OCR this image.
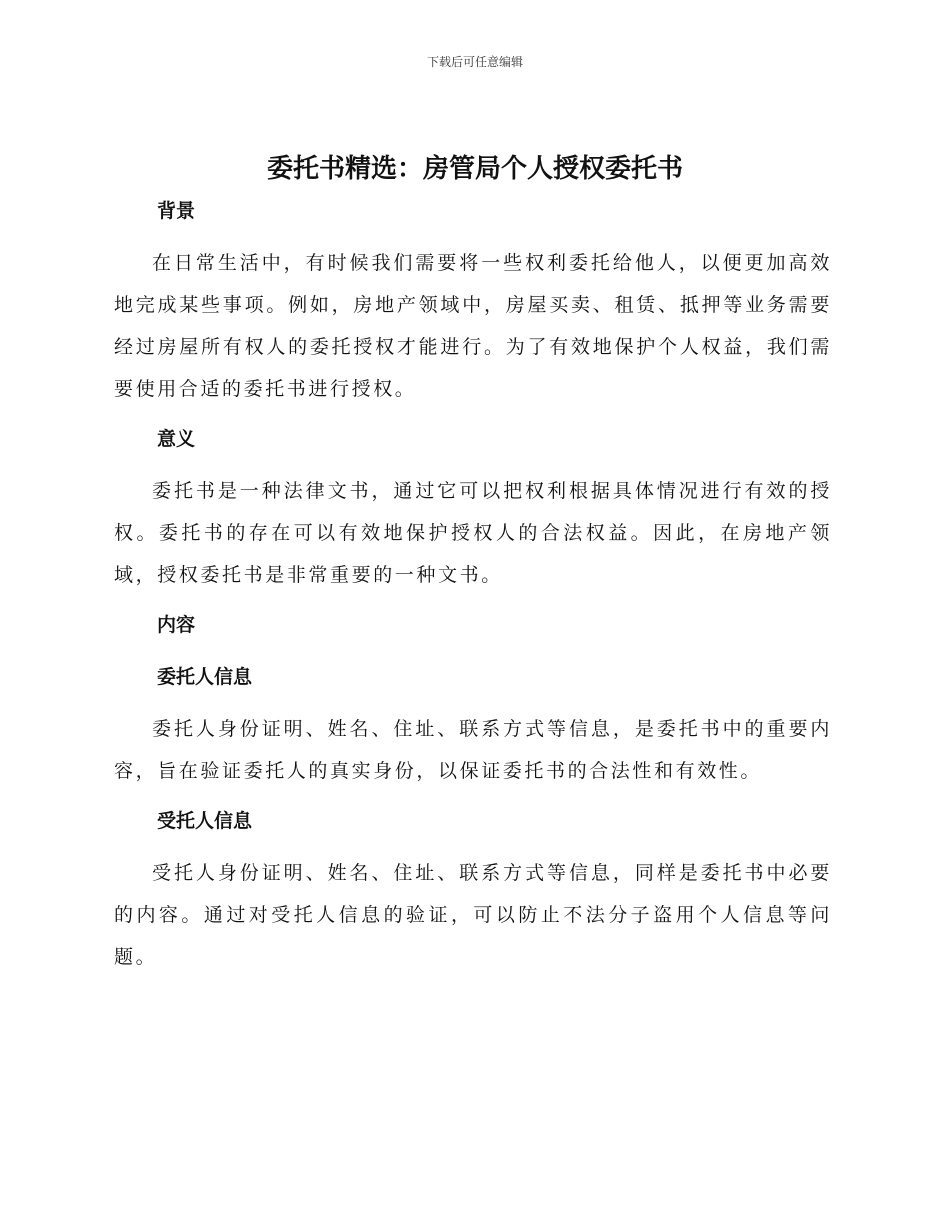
下载后可任意编辑
委托书精选：房管局个人授权委托书
背景

在日常生活中，有时候我们需要将一些权利委托给他人，以便更加高效地完成某些事项。例如，房地产领域中，房屋买卖、租赁、抵押等业务需要经过房屋所有权人的委托授权才能进行。为了有效地保护个人权益，我们需要使用合适的委托书进行授权。

意义

委托书是一种法律文书，通过它可以把权利根据具体情况进行有效的授权。委托书的存在可以有效地保护授权人的合法权益。因此，在房地产领域，授权委托书是非常重要的一种文书。

内容
委托人信息

委托人身份证明、姓名、住址、联系方式等信息，是委托书中的重要内容，旨在验证委托人的真实身份，以保证委托书的合法性和有效性。

受托人信息

受托人身份证明、姓名、住址、联系方式等信息，同样是委托书中必要的内容。通过对受托人信息的验证，可以防止不法分子盗用个人信息等问题。
